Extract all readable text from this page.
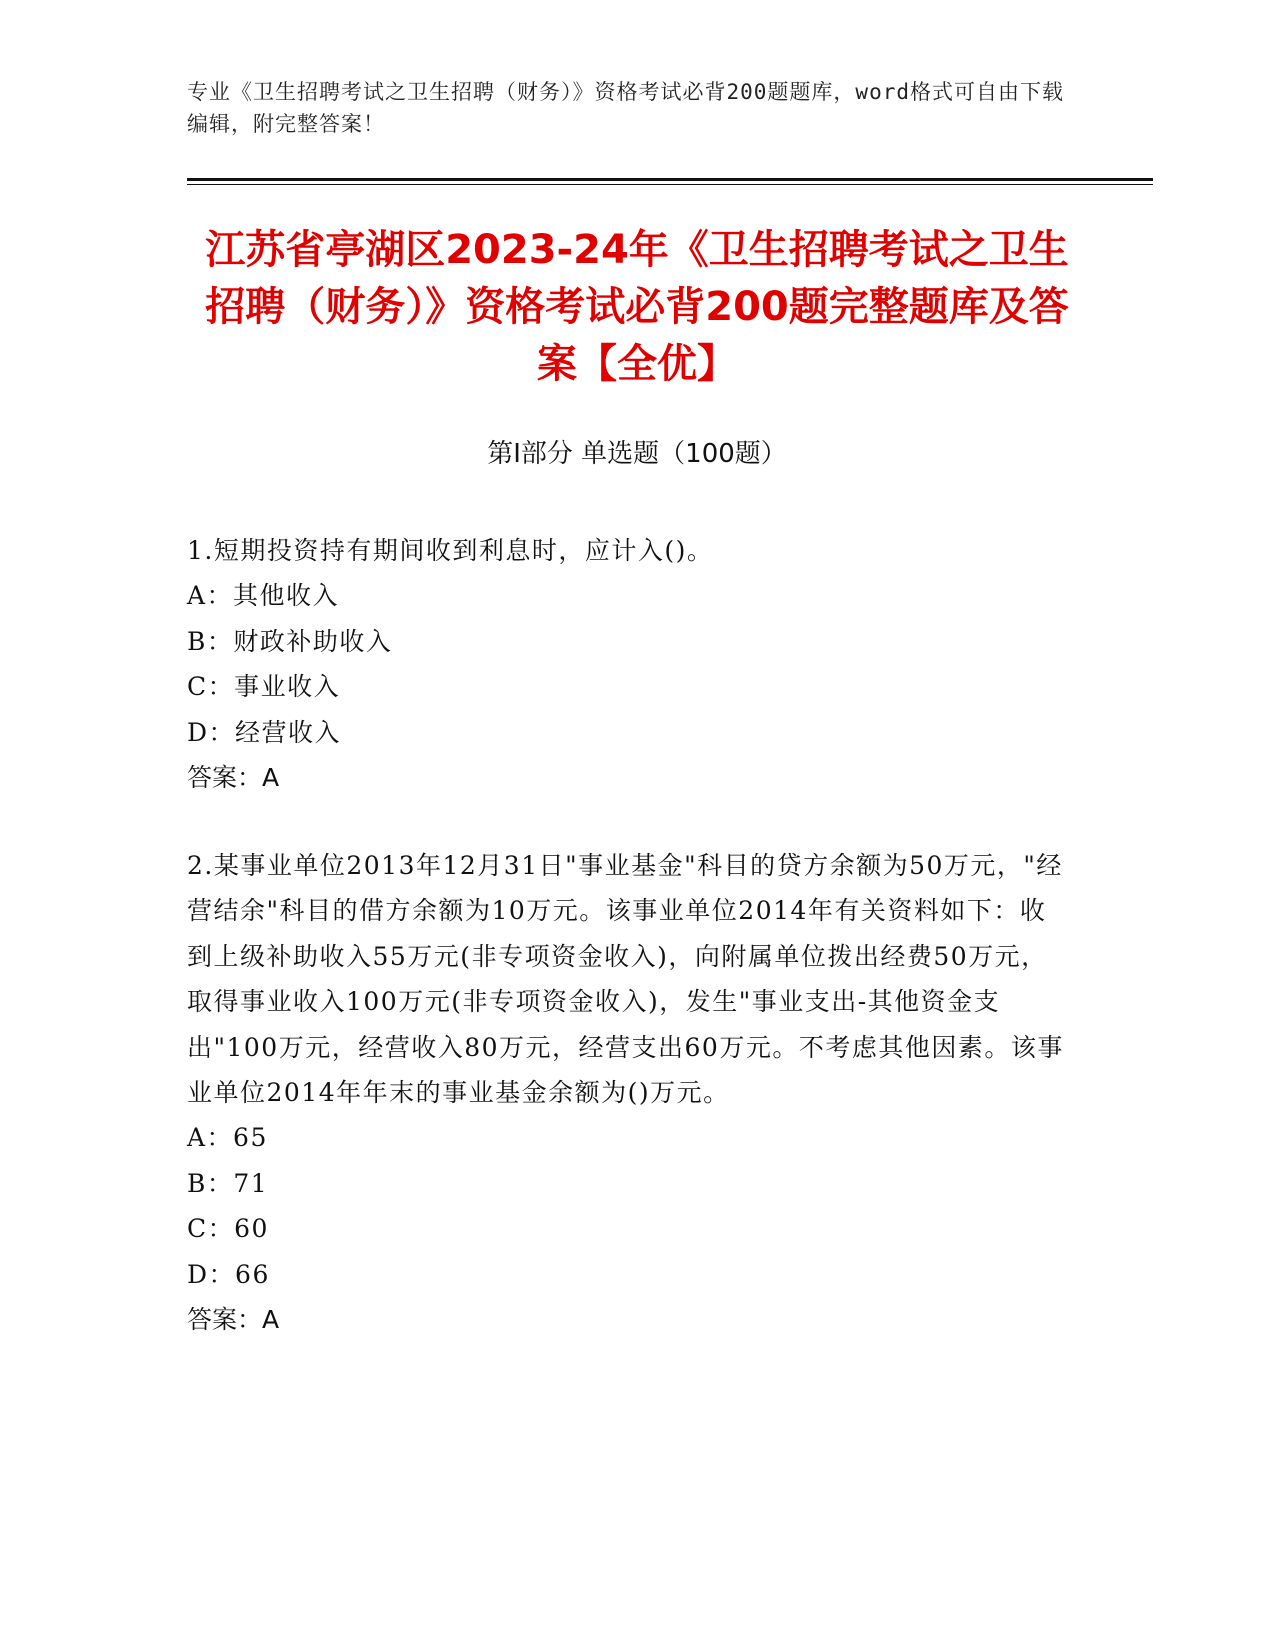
专业《卫生招聘考试之卫生招聘（财务）》资格考试必背200题题库，word格式可自由下载编辑，附完整答案！
江苏省亭湖区2023-24年《卫生招聘考试之卫生招聘（财务）》资格考试必背200题完整题库及答案【全优】
第I部分 单选题（100题）

1.短期投资持有期间收到利息时，应计入()。

A：其他收入

B：财政补助收入

C：事业收入

D：经营收入

答案：A

2.某事业单位2013年12月31日"事业基金"科目的贷方余额为50万元，"经营结余"科目的借方余额为10万元。该事业单位2014年有关资料如下：收到上级补助收入55万元(非专项资金收入)，向附属单位拨出经费50万元，取得事业收入100万元(非专项资金收入)，发生"事业支出-其他资金支出"100万元，经营收入80万元，经营支出60万元。不考虑其他因素。该事业单位2014年年末的事业基金余额为()万元。

A：65

B：71

C：60

D：66

答案：A
